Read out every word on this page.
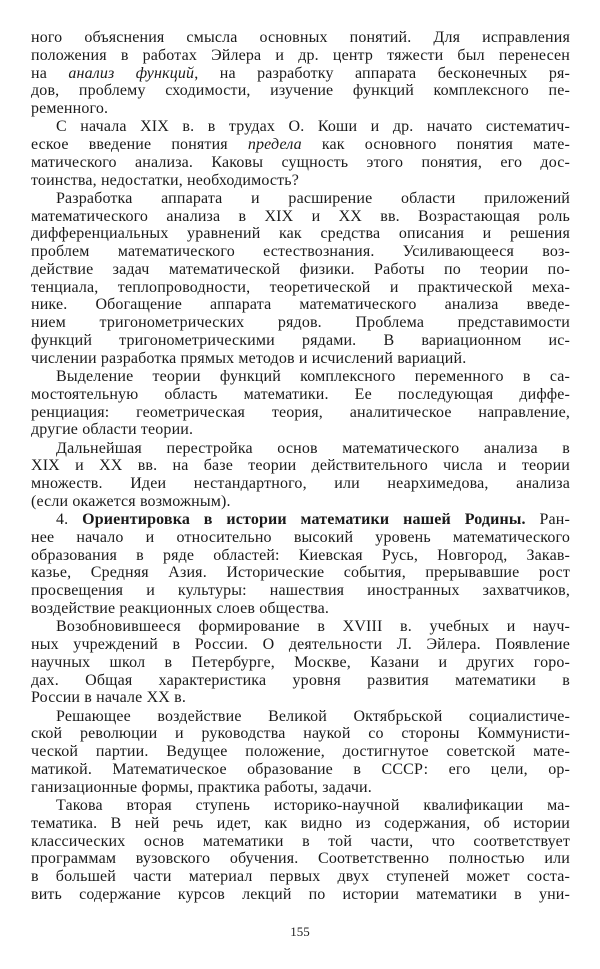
ного объяснения смысла основных понятий. Для исправления
положения в работах Эйлера и др. центр тяжести был перенесен
на анализ функций, на разработку аппарата бесконечных ря-
дов, проблему сходимости, изучение функций комплексного пе-
ременного.
С начала XIX в. в трудах О. Коши и др. начато систематич-
еское введение понятия предела как основного понятия мате-
матического анализа. Каковы сущность этого понятия, его дос-
тоинства, недостатки, необходимость?
Разработка аппарата и расширение области приложений
математического анализа в XIX и XX вв. Возрастающая роль
дифференциальных уравнений как средства описания и решения
проблем математического естествознания. Усиливающееся воз-
действие задач математической физики. Работы по теории по-
тенциала, теплопроводности, теоретической и практической меха-
нике. Обогащение аппарата математического анализа введе-
нием тригонометрических рядов. Проблема представимости
функций тригонометрическими рядами. В вариационном ис-
числении разработка прямых методов и исчислений вариаций.
Выделение теории функций комплексного переменного в са-
мостоятельную область математики. Ее последующая диффе-
ренциация: геометрическая теория, аналитическое направление,
другие области теории.
Дальнейшая перестройка основ математического анализа в
XIX и XX вв. на базе теории действительного числа и теории
множеств. Идеи нестандартного, или неархимедова, анализа
(если окажется возможным).
4. Ориентировка в истории математики нашей Родины. Ран-
нее начало и относительно высокий уровень математического
образования в ряде областей: Киевская Русь, Новгород, Закав-
казье, Средняя Азия. Исторические события, прерывавшие рост
просвещения и культуры: нашествия иностранных захватчиков,
воздействие реакционных слоев общества.
Возобновившееся формирование в XVIII в. учебных и науч-
ных учреждений в России. О деятельности Л. Эйлера. Появление
научных школ в Петербурге, Москве, Казани и других горо-
дах. Общая характеристика уровня развития математики в
России в начале XX в.
Решающее воздействие Великой Октябрьской социалистиче-
ской революции и руководства наукой со стороны Коммунисти-
ческой партии. Ведущее положение, достигнутое советской мате-
матикой. Математическое образование в СССР: его цели, ор-
ганизационные формы, практика работы, задачи.
Такова вторая ступень историко-научной квалификации ма-
тематика. В ней речь идет, как видно из содержания, об истории
классических основ математики в той части, что соответствует
программам вузовского обучения. Соответственно полностью или
в большей части материал первых двух ступеней может соста-
вить содержание курсов лекций по истории математики в уни-
155
